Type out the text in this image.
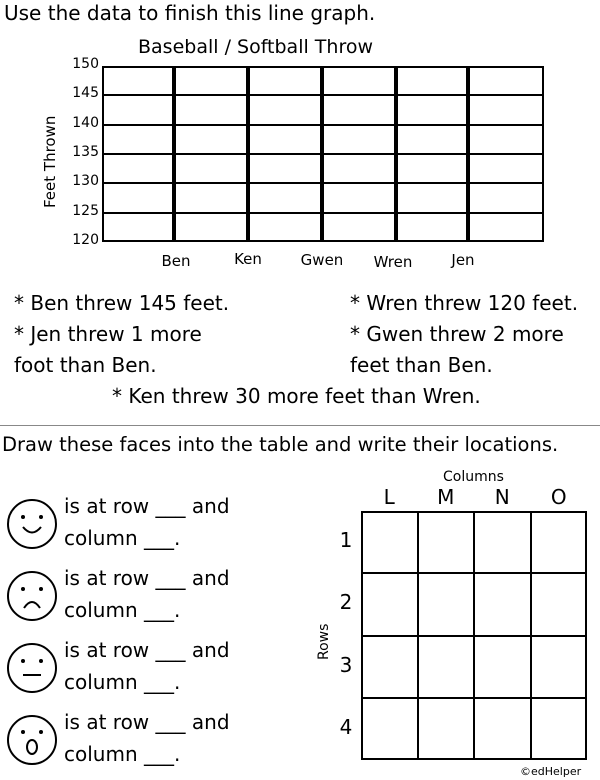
Use the data to finish this line graph.
Baseball / Softball Throw
Feet Thrown
150
145
140
135
130
125
120
Ben	Ken	Gwen	Wren	Jen
* Ben threw 145 feet.
* Jen threw 1 more
foot than Ben.
* Wren threw 120 feet.
* Gwen threw 2 more
feet than Ben.
* Ken threw 30 more feet than Wren.
Draw these faces into the table and write their locations.
is at row ___ and
column ___.
is at row ___ and
column ___.
is at row ___ and
column ___.
is at row ___ and
column ___.
Columns
Rows
L	M	N	O
1
2
3
4
©edHelper
